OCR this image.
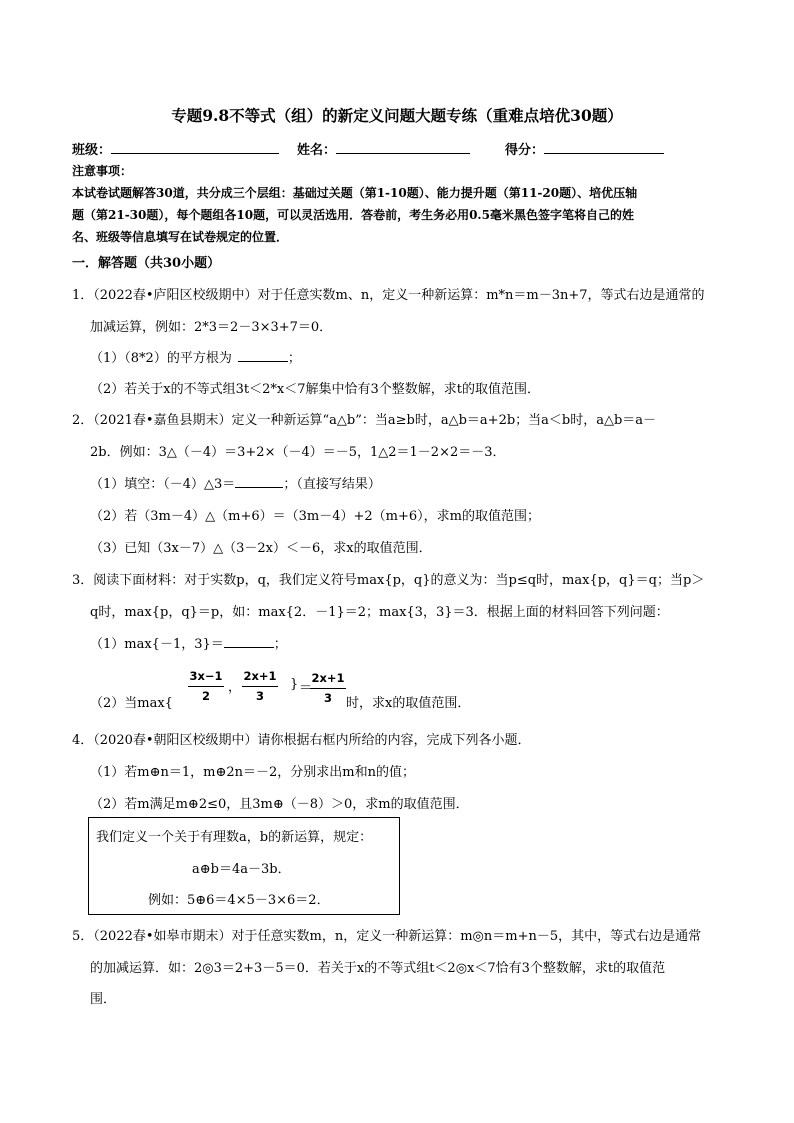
专题9.8不等式（组）的新定义问题大题专练（重难点培优30题）
班级：	姓名：	得分：
注意事项：
本试卷试题解答30道，共分成三个层组：基础过关题（第1-10题）、能力提升题（第11-20题）、培优压轴
题（第21-30题），每个题组各10题，可以灵活选用．答卷前，考生务必用0.5毫米黑色签字笔将自己的姓
名、班级等信息填写在试卷规定的位置．
一．解答题（共30小题）
1．（2022春•庐阳区校级期中）对于任意实数m、n，定义一种新运算：m*n＝m－3n+7，等式右边是通常的
加减运算，例如：2*3＝2－3×3+7＝0．
（1）（8*2）的平方根为	；
（2）若关于x的不等式组3t＜2*x＜7解集中恰有3个整数解，求t的取值范围．
2．（2021春•嘉鱼县期末）定义一种新运算“a△b”：当a≥b时，a△b＝a+2b；当a＜b时，a△b＝a－
2b．例如：3△（－4）＝3+2×（－4）＝－5，1△2＝1－2×2＝－3．
（1）填空：（－4）△3＝	；（直接写结果）
（2）若（3m－4）△（m+6）＝（3m－4）+2（m+6），求m的取值范围；
（3）已知（3x－7）△（3－2x）＜－6，求x的取值范围．
3．阅读下面材料：对于实数p，q，我们定义符号max{p，q}的意义为：当p≤q时，max{p，q}＝q；当p＞
q时，max{p，q}＝p，如：max{2．－1}＝2；max{3，3}＝3．根据上面的材料回答下列问题：
（1）max{－1，3}＝	；
（2）当max{
3x−1
2
，
2x+1
3
} ＝
2x+1
3	时，求x的取值范围．
4．（2020春•朝阳区校级期中）请你根据右框内所给的内容，完成下列各小题．
（1）若m⊕n＝1，m⊕2n＝－2，分别求出m和n的值；
（2）若m满足m⊕2≤0，且3m⊕（－8）＞0，求m的取值范围．
我们定义一个关于有理数a，b的新运算，规定：
a⊕b＝4a－3b．
例如：5⊕6＝4×5－3×6＝2．
5．（2022春•如皋市期末）对于任意实数m，n，定义一种新运算：m◎n＝m+n－5，其中，等式右边是通常
的加减运算．如：2◎3＝2+3－5＝0．若关于x的不等式组t＜2◎x＜7恰有3个整数解，求t的取值范
围．
